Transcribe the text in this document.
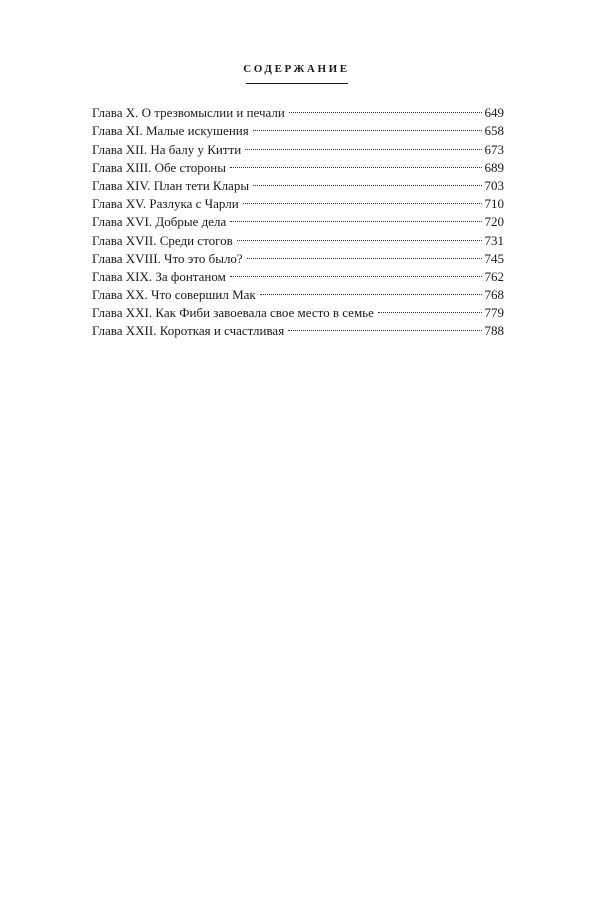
СОДЕРЖАНИЕ
Глава X. О трезвомыслии и печали	649
Глава XI. Малые искушения	658
Глава XII. На балу у Китти	673
Глава XIII. Обе стороны	689
Глава XIV. План тети Клары	703
Глава XV. Разлука с Чарли	710
Глава XVI. Добрые дела	720
Глава XVII. Среди стогов	731
Глава XVIII. Что это было?	745
Глава XIX. За фонтаном	762
Глава XX. Что совершил Мак	768
Глава XXI. Как Фиби завоевала свое место в семье	779
Глава XXII. Короткая и счастливая	788
